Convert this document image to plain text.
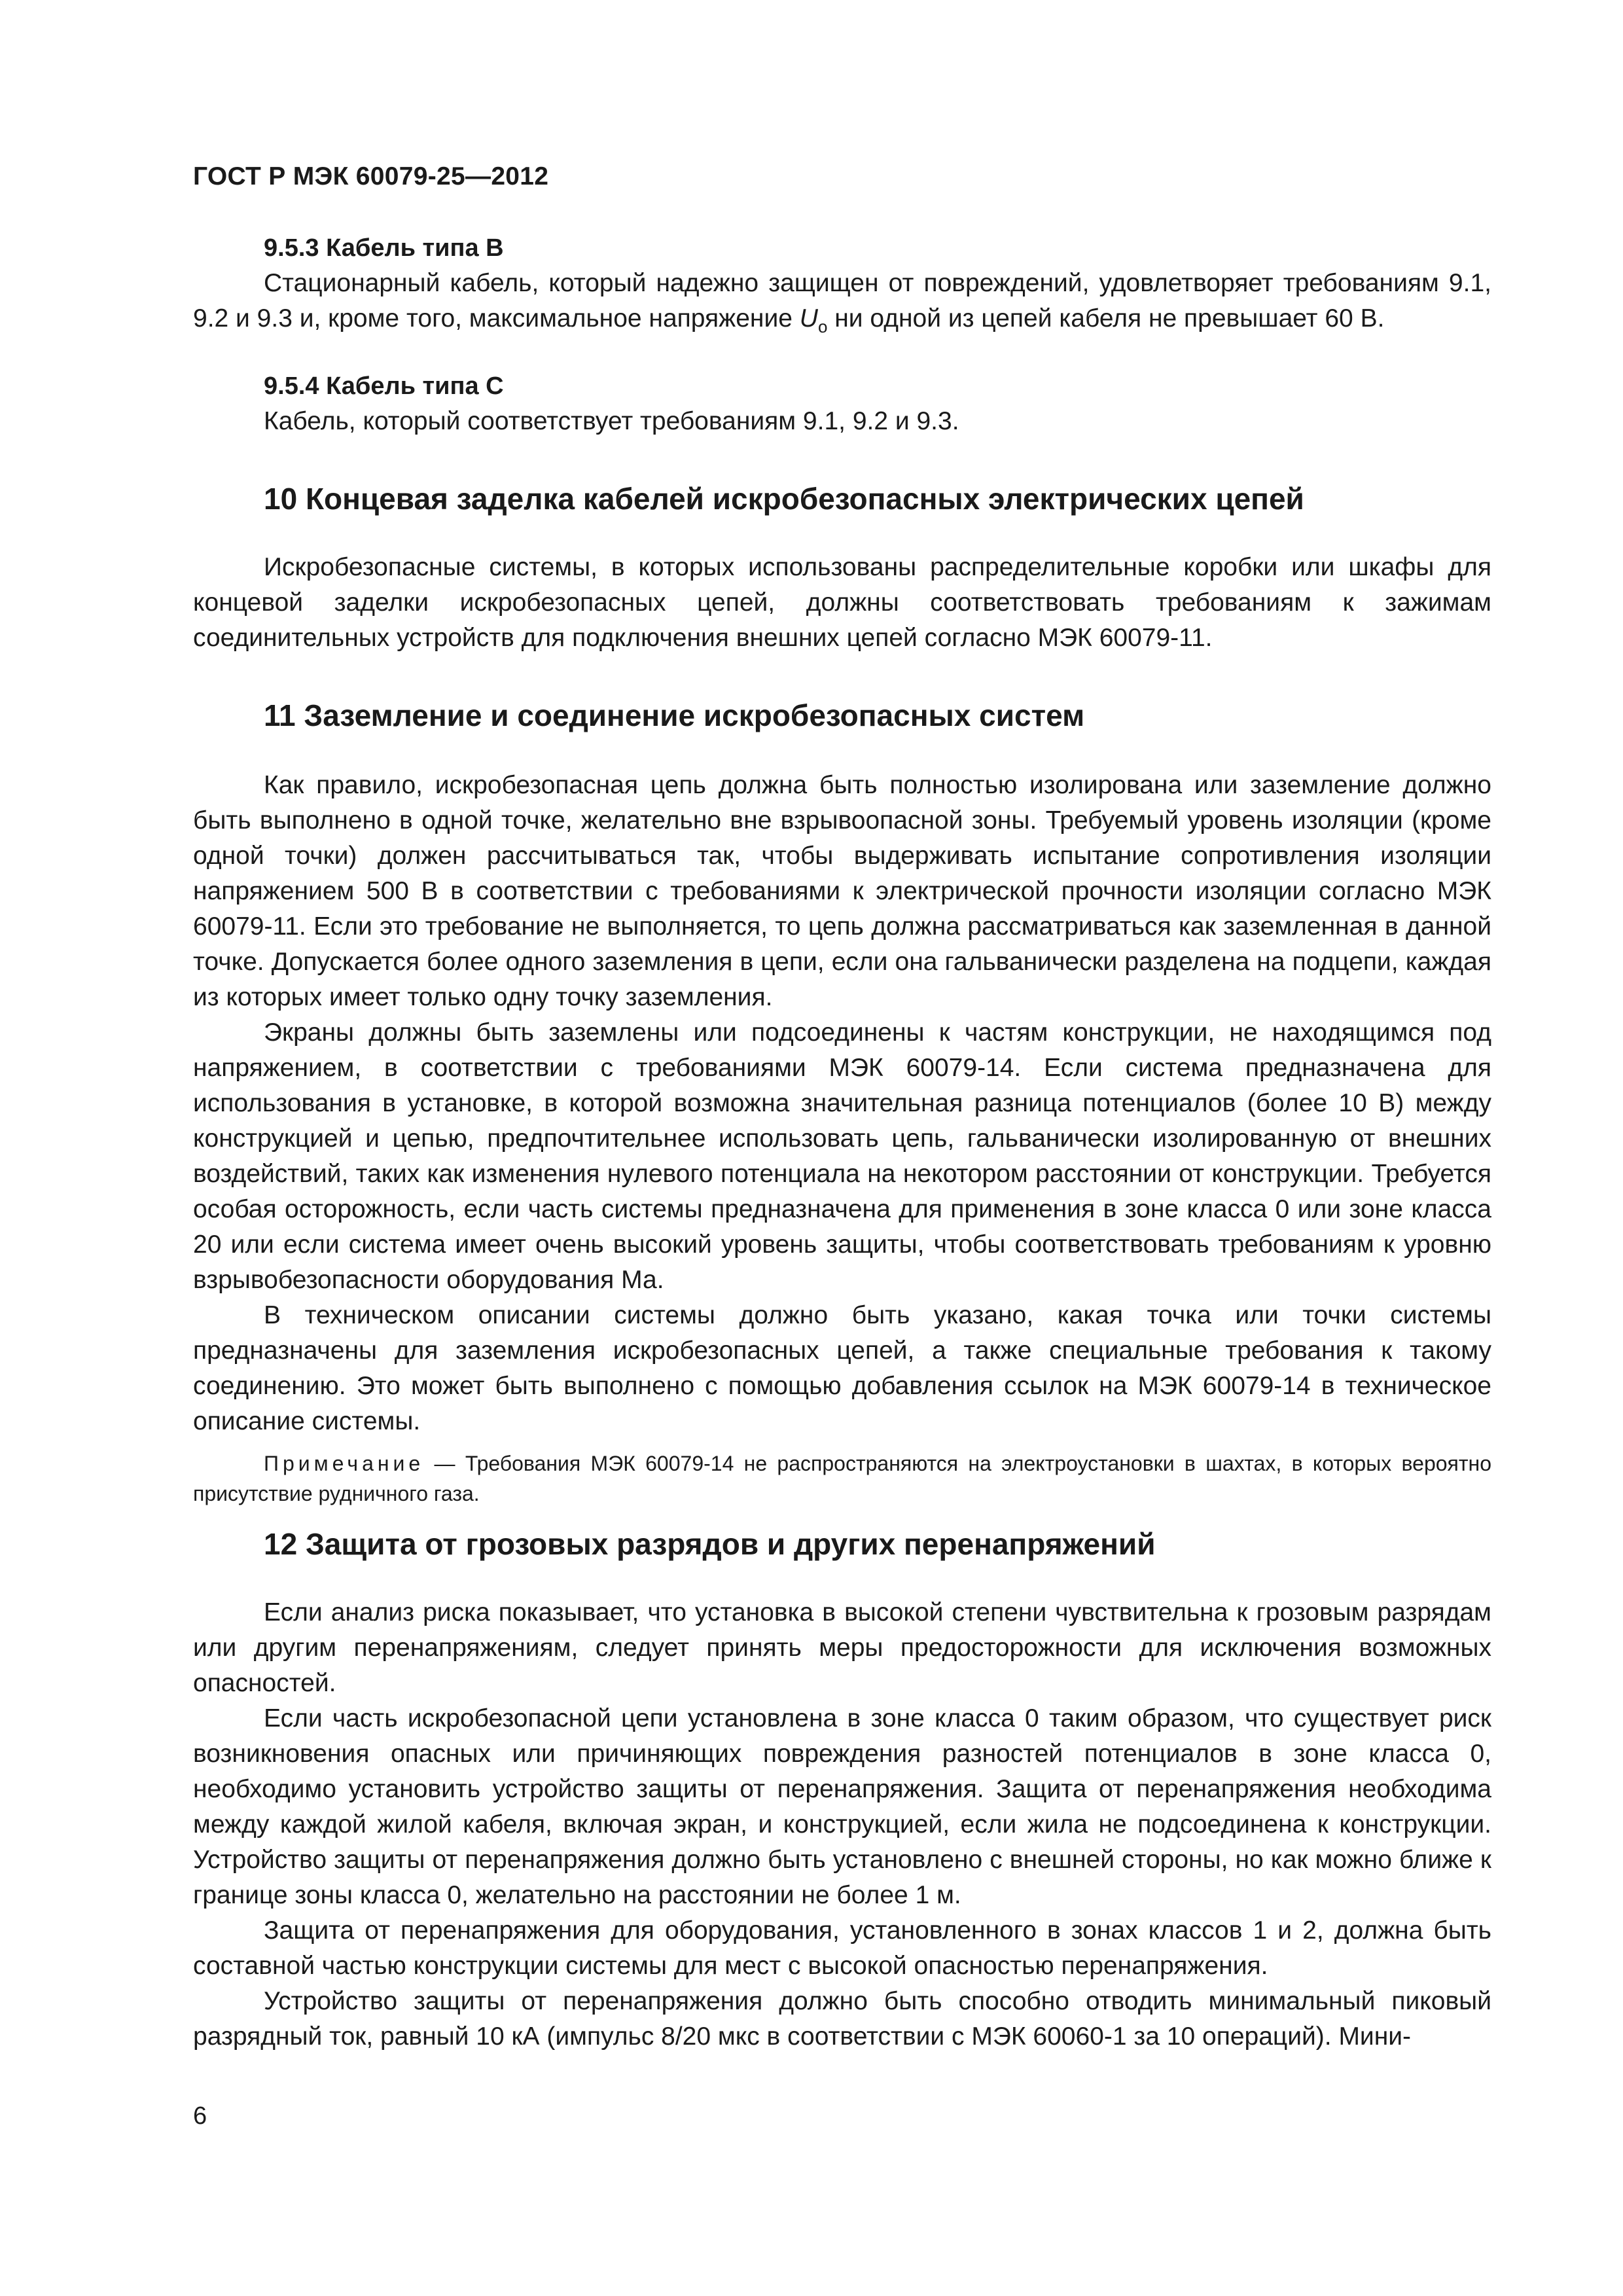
ГОСТ Р МЭК 60079-25—2012
9.5.3 Кабель типа В

Стационарный кабель, который надежно защищен от повреждений, удовлетворяет требованиям 9.1, 9.2 и 9.3 и, кроме того, максимальное напряжение $U_o$ ни одной из цепей кабеля не превышает 60 В.

9.5.4 Кабель типа С

Кабель, который соответствует требованиям 9.1, 9.2 и 9.3.

10 Концевая заделка кабелей искробезопасных электрических цепей

Искробезопасные системы, в которых использованы распределительные коробки или шкафы для концевой заделки искробезопасных цепей, должны соответствовать требованиям к зажимам соединительных устройств для подключения внешних цепей согласно МЭК 60079-11.

11 Заземление и соединение искробезопасных систем

Как правило, искробезопасная цепь должна быть полностью изолирована или заземление должно быть выполнено в одной точке, желательно вне взрывоопасной зоны. Требуемый уровень изоляции (кроме одной точки) должен рассчитываться так, чтобы выдерживать испытание сопротивления изоляции напряжением 500 В в соответствии с требованиями к электрической прочности изоляции согласно МЭК 60079-11. Если это требование не выполняется, то цепь должна рассматриваться как заземленная в данной точке. Допускается более одного заземления в цепи, если она гальванически разделена на подцепи, каждая из которых имеет только одну точку заземления.

Экраны должны быть заземлены или подсоединены к частям конструкции, не находящимся под напряжением, в соответствии с требованиями МЭК 60079-14. Если система предназначена для использования в установке, в которой возможна значительная разница потенциалов (более 10 В) между конструкцией и цепью, предпочтительнее использовать цепь, гальванически изолированную от внешних воздействий, таких как изменения нулевого потенциала на некотором расстоянии от конструкции. Требуется особая осторожность, если часть системы предназначена для применения в зоне класса 0 или зоне класса 20 или если система имеет очень высокий уровень защиты, чтобы соответствовать требованиям к уровню взрывобезопасности оборудования Ма.

В техническом описании системы должно быть указано, какая точка или точки системы предназначены для заземления искробезопасных цепей, а также специальные требования к такому соединению. Это может быть выполнено с помощью добавления ссылок на МЭК 60079-14 в техническое описание системы.

Примечание — Требования МЭК 60079-14 не распространяются на электроустановки в шахтах, в которых вероятно присутствие рудничного газа.

12 Защита от грозовых разрядов и других перенапряжений

Если анализ риска показывает, что установка в высокой степени чувствительна к грозовым разрядам или другим перенапряжениям, следует принять меры предосторожности для исключения возможных опасностей.

Если часть искробезопасной цепи установлена в зоне класса 0 таким образом, что существует риск возникновения опасных или причиняющих повреждения разностей потенциалов в зоне класса 0, необходимо установить устройство защиты от перенапряжения. Защита от перенапряжения необходима между каждой жилой кабеля, включая экран, и конструкцией, если жила не подсоединена к конструкции. Устройство защиты от перенапряжения должно быть установлено с внешней стороны, но как можно ближе к границе зоны класса 0, желательно на расстоянии не более 1 м.

Защита от перенапряжения для оборудования, установленного в зонах классов 1 и 2, должна быть составной частью конструкции системы для мест с высокой опасностью перенапряжения.

Устройство защиты от перенапряжения должно быть способно отводить минимальный пиковый разрядный ток, равный 10 кА (импульс 8/20 мкс в соответствии с МЭК 60060-1 за 10 операций). Мини-

6
